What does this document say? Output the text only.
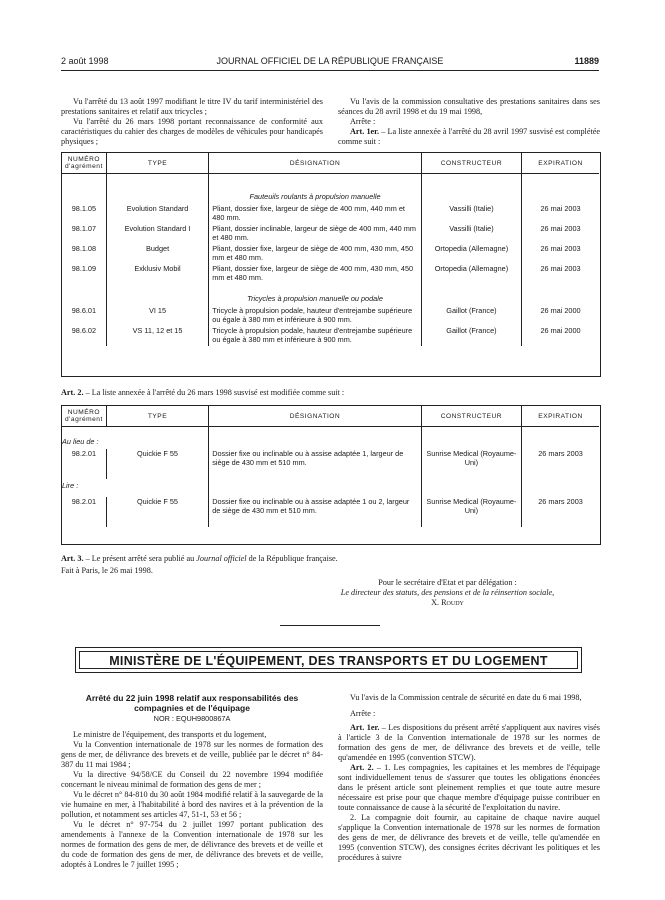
2 août 1998	JOURNAL OFFICIEL DE LA RÉPUBLIQUE FRANÇAISE	11889

Vu l'arrêté du 13 août 1997 modifiant le titre IV du tarif interministériel des prestations sanitaires et relatif aux tricycles ;

Vu l'arrêté du 26 mars 1998 portant reconnaissance de conformité aux caractéristiques du cahier des charges de modèles de véhicules pour handicapés physiques ;

Vu l'avis de la commission consultative des prestations sanitaires dans ses séances du 28 avril 1998 et du 19 mai 1998,

Arrête :

Art. 1er. – La liste annexée à l'arrêté du 28 avril 1997 susvisé est complétée comme suit :

NUMÉRO d'agrément	TYPE	DÉSIGNATION	CONSTRUCTEUR	EXPIRATION

		Fauteuils roulants à propulsion manuelle		
98.1.05	Evolution Standard	Pliant, dossier fixe, largeur de siège de 400 mm, 440 mm et 480 mm.	Vassilli (Italie)	26 mai 2003
98.1.07	Evolution Standard I	Pliant, dossier inclinable, largeur de siège de 400 mm, 440 mm et 480 mm.	Vassilli (Italie)	26 mai 2003
98.1.08	Budget	Pliant, dossier fixe, largeur de siège de 400 mm, 430 mm, 450 mm et 480 mm.	Ortopedia (Allemagne)	26 mai 2003
98.1.09	Exklusiv Mobil	Pliant, dossier fixe, largeur de siège de 400 mm, 430 mm, 450 mm et 480 mm.	Ortopedia (Allemagne)	26 mai 2003

		Tricycles à propulsion manuelle ou podale		
98.6.01	VI 15	Tricycle à propulsion podale, hauteur d'entrejambe supérieure ou égale à 380 mm et inférieure à 900 mm.	Gaillot (France)	26 mai 2000
98.6.02	VS 11, 12 et 15	Tricycle à propulsion podale, hauteur d'entrejambe supérieure ou égale à 380 mm et inférieure à 900 mm.	Gaillot (France)	26 mai 2000

Art. 2. – La liste annexée à l'arrêté du 26 mars 1998 susvisé est modifiée comme suit :

NUMÉRO d'agrément	TYPE	DÉSIGNATION	CONSTRUCTEUR	EXPIRATION

Au lieu de :				

98.2.01	Quickie F 55	Dossier fixe ou inclinable ou à assise adaptée 1, largeur de siège de 430 mm et 510 mm.	Sunrise Medical (Royaume-Uni)	26 mars 2003

Lire :				

98.2.01	Quickie F 55	Dossier fixe ou inclinable ou à assise adaptée 1 ou 2, largeur de siège de 430 mm et 510 mm.	Sunrise Medical (Royaume-Uni)	26 mars 2003

Art. 3. – Le présent arrêté sera publié au Journal officiel de la République française.

Fait à Paris, le 26 mai 1998.

Pour le secrétaire d'Etat et par délégation :
Le directeur des statuts, des pensions et de la réinsertion sociale,
X. Roudy
MINISTÈRE DE L'ÉQUIPEMENT, DES TRANSPORTS ET DU LOGEMENT
Arrêté du 22 juin 1998 relatif aux responsabilités des compagnies et de l'équipage
NOR : EQUH9800867A

Le ministre de l'équipement, des transports et du logement,

Vu la Convention internationale de 1978 sur les normes de formation des gens de mer, de délivrance des brevets et de veille, publiée par le décret n° 84-387 du 11 mai 1984 ;

Vu la directive 94/58/CE du Conseil du 22 novembre 1994 modifiée concernant le niveau minimal de formation des gens de mer ;

Vu le décret n° 84-810 du 30 août 1984 modifié relatif à la sauvegarde de la vie humaine en mer, à l'habitabilité à bord des navires et à la prévention de la pollution, et notamment ses articles 47, 51-1, 53 et 56 ;

Vu le décret n° 97-754 du 2 juillet 1997 portant publication des amendements à l'annexe de la Convention internationale de 1978 sur les normes de formation des gens de mer, de délivrance des brevets et de veille et du code de formation des gens de mer, de délivrance des brevets et de veille, adoptés à Londres le 7 juillet 1995 ;

Vu l'avis de la Commission centrale de sécurité en date du 6 mai 1998,

Arrête :

Art. 1er. – Les dispositions du présent arrêté s'appliquent aux navires visés à l'article 3 de la Convention internationale de 1978 sur les normes de formation des gens de mer, de délivrance des brevets et de veille, telle qu'amendée en 1995 (convention STCW).

Art. 2. – 1. Les compagnies, les capitaines et les membres de l'équipage sont individuellement tenus de s'assurer que toutes les obligations énoncées dans le présent article sont pleinement remplies et que toute autre mesure nécessaire est prise pour que chaque membre d'équipage puisse contribuer en toute connaissance de cause à la sécurité de l'exploitation du navire.

2. La compagnie doit fournir, au capitaine de chaque navire auquel s'applique la Convention internationale de 1978 sur les normes de formation des gens de mer, de délivrance des brevets et de veille, telle qu'amendée en 1995 (convention STCW), des consignes écrites décrivant les politiques et les procédures à suivre
